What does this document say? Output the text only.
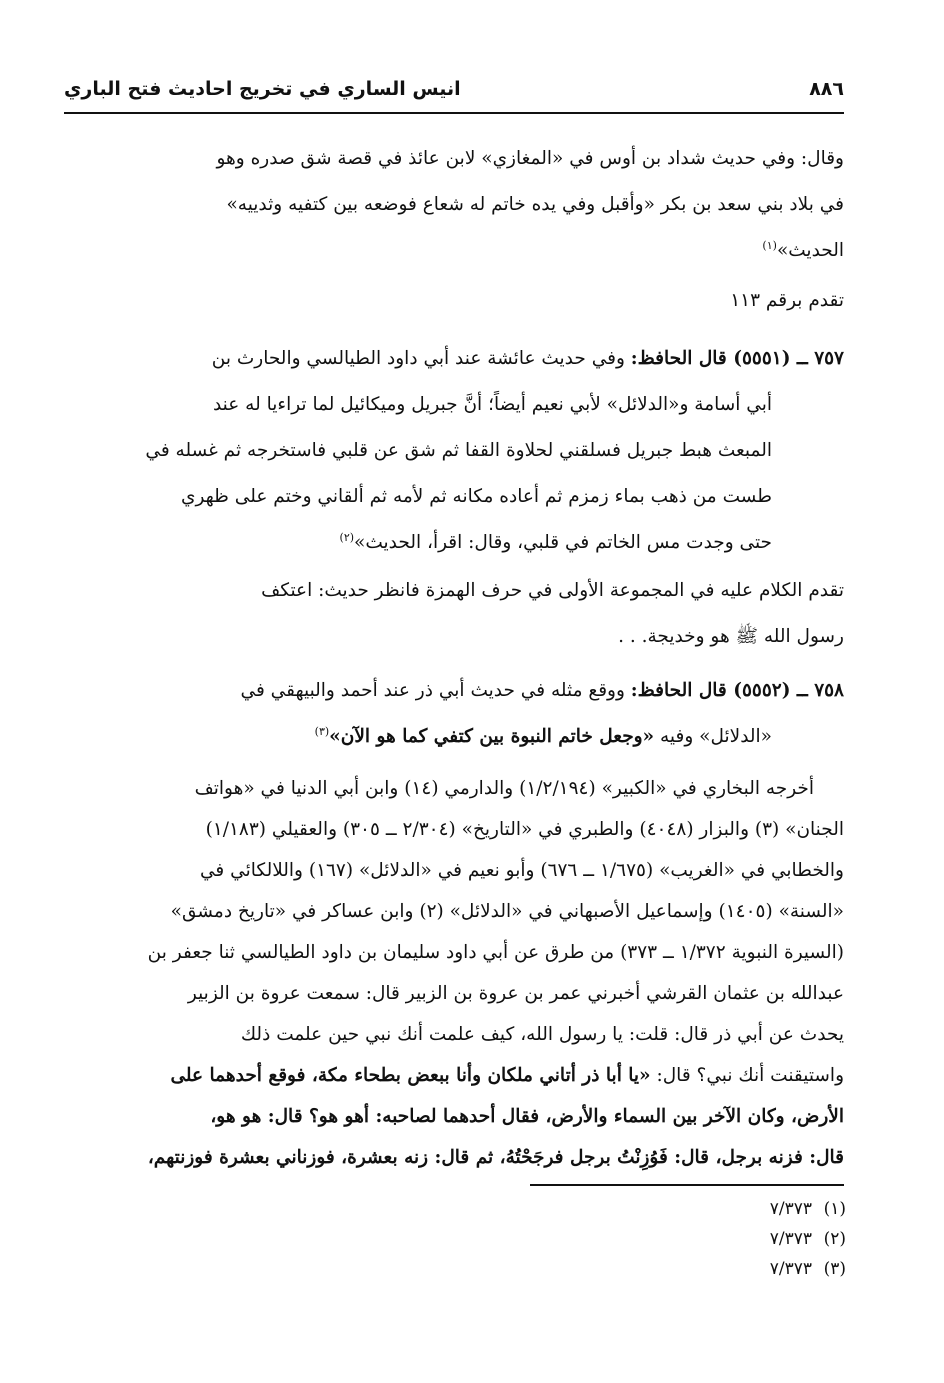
٨٨٦
انيس الساري في تخريج احاديث فتح الباري
وقال: وفي حديث شداد بن أوس في «المغازي» لابن عائذ في قصة شق صدره وهو
في بلاد بني سعد بن بكر «وأقبل وفي يده خاتم له شعاع فوضعه بين كتفيه وثدييه»
الحديث»$^{(١)}$
تقدم برقم ١١٣
٧٥٧ ــ (٥٥٥١) قال الحافظ: وفي حديث عائشة عند أبي داود الطيالسي والحارث بن
أبي أسامة و«الدلائل» لأبي نعيم أيضاً؛ أنَّ جبريل وميكائيل لما تراءيا له عند
المبعث هبط جبريل فسلقني لحلاوة القفا ثم شق عن قلبي فاستخرجه ثم غسله في
طست من ذهب بماء زمزم ثم أعاده مكانه ثم لأمه ثم ألقاني وختم على ظهري
حتى وجدت مس الخاتم في قلبي، وقال: اقرأ، الحديث»$^{(٢)}$
تقدم الكلام عليه في المجموعة الأولى في حرف الهمزة فانظر حديث: اعتكف
رسول الله ﷺ هو وخديجة. . .
٧٥٨ ــ (٥٥٥٢) قال الحافظ: ووقع مثله في حديث أبي ذر عند أحمد والبيهقي في
«الدلائل» وفيه «وجعل خاتم النبوة بين كتفي كما هو الآن»$^{(٣)}$
أخرجه البخاري في «الكبير» (١/٢/١٩٤) والدارمي (١٤) وابن أبي الدنيا في «هواتف
الجنان» (٣) والبزار (٤٠٤٨) والطبري في «التاريخ» (٢/٣٠٤ ــ ٣٠٥) والعقيلي (١/١٨٣)
والخطابي في «الغريب» (١/٦٧٥ ــ ٦٧٦) وأبو نعيم في «الدلائل» (١٦٧) واللالكائي في
«السنة» (١٤٠٥) وإسماعيل الأصبهاني في «الدلائل» (٢) وابن عساكر في «تاريخ دمشق»
(السيرة النبوية ١/٣٧٢ ــ ٣٧٣) من طرق عن أبي داود سليمان بن داود الطيالسي ثنا جعفر بن
عبدالله بن عثمان القرشي أخبرني عمر بن عروة بن الزبير قال: سمعت عروة بن الزبير
يحدث عن أبي ذر قال: قلت: يا رسول الله، كيف علمت أنك نبي حين علمت ذلك
واستيقنت أنك نبي؟ قال: «يا أبا ذر أتاني ملكان وأنا ببعض بطحاء مكة، فوقع أحدهما على
الأرض، وكان الآخر بين السماء والأرض، فقال أحدهما لصاحبه: أهو هو؟ قال: هو هو،
قال: فزنه برجل، قال: فَوُزِنْتُ برجل فرجَحْتُهُ، ثم قال: زنه بعشرة، فوزناني بعشرة فوزنتهم،
(١)٧/٣٧٣
(٢)٧/٣٧٣
(٣)٧/٣٧٣
